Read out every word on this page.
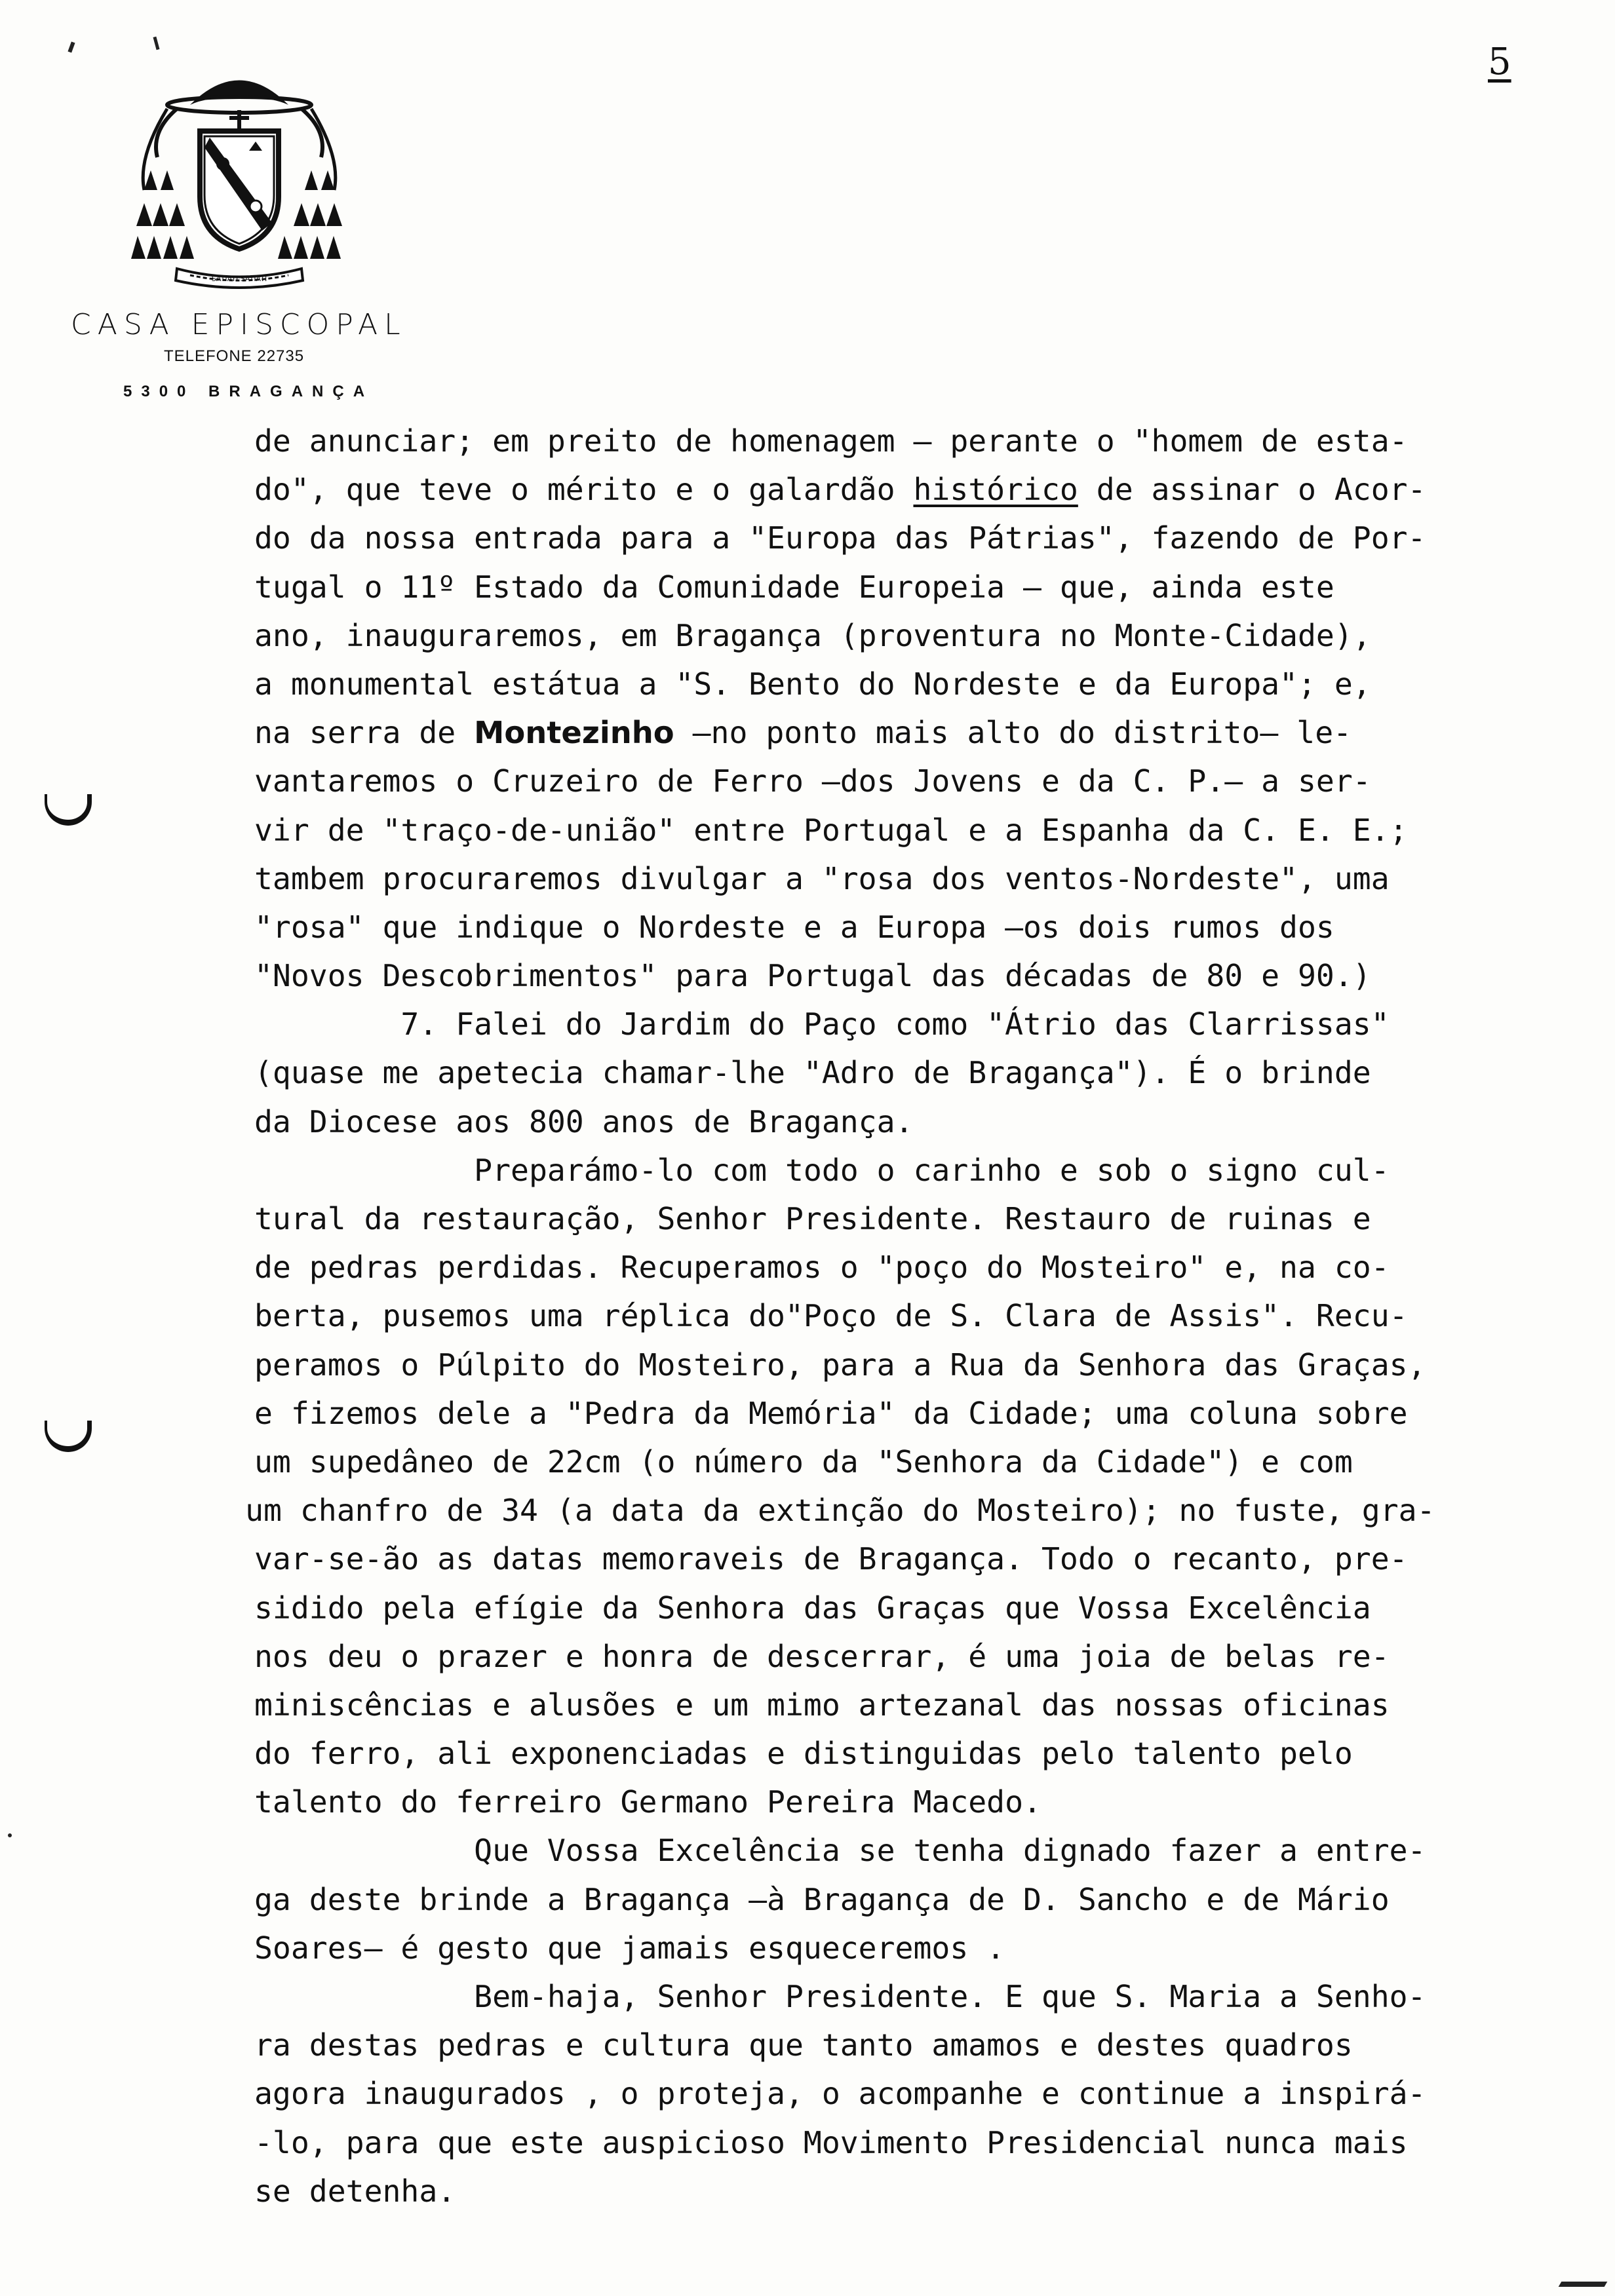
5
SATIATI SATIATI
CASA EPISCOPAL
TELEFONE 22735
5300 BRAGANÇA
de anunciar; em preito de homenagem — perante o "homem de esta-
do", que teve o mérito e o galardão histórico de assinar o Acor-
do da nossa entrada para a "Europa das Pátrias", fazendo de Por-
tugal o 11º Estado da Comunidade Europeia — que, ainda este
ano, inauguraremos, em Bragança (proventura no Monte-Cidade),
a monumental estátua a "S. Bento do Nordeste e da Europa"; e,
na serra de Montezinho —no ponto mais alto do distrito— le-
vantaremos o Cruzeiro de Ferro —dos Jovens e da C. P.— a ser-
vir de "traço-de-união" entre Portugal e a Espanha da C. E. E.;
tambem procuraremos divulgar a "rosa dos ventos-Nordeste", uma
"rosa" que indique o Nordeste e a Europa —os dois rumos dos
"Novos Descobrimentos" para Portugal das décadas de 80 e 90.)
7. Falei do Jardim do Paço como "Átrio das Clarrissas"
(quase me apetecia chamar-lhe "Adro de Bragança"). É o brinde
da Diocese aos 800 anos de Bragança.
Preparámo-lo com todo o carinho e sob o signo cul-
tural da restauração, Senhor Presidente. Restauro de ruinas e
de pedras perdidas. Recuperamos o "poço do Mosteiro" e, na co-
berta, pusemos uma réplica do"Poço de S. Clara de Assis". Recu-
peramos o Púlpito do Mosteiro, para a Rua da Senhora das Graças,
e fizemos dele a "Pedra da Memória" da Cidade; uma coluna sobre
um supedâneo de 22cm (o número da "Senhora da Cidade") e com
um chanfro de 34 (a data da extinção do Mosteiro); no fuste, gra-
var-se-ão as datas memoraveis de Bragança. Todo o recanto, pre-
sidido pela efígie da Senhora das Graças que Vossa Excelência
nos deu o prazer e honra de descerrar, é uma joia de belas re-
miniscências e alusões e um mimo artezanal das nossas oficinas
do ferro, ali exponenciadas e distinguidas pelo talento pelo
talento do ferreiro Germano Pereira Macedo.
Que Vossa Excelência se tenha dignado fazer a entre-
ga deste brinde a Bragança —à Bragança de D. Sancho e de Mário
Soares— é gesto que jamais esqueceremos .
Bem-haja, Senhor Presidente. E que S. Maria a Senho-
ra destas pedras e cultura que tanto amamos e destes quadros
agora inaugurados , o proteja, o acompanhe e continue a inspirá-
-lo, para que este auspicioso Movimento Presidencial nunca mais
se detenha.
